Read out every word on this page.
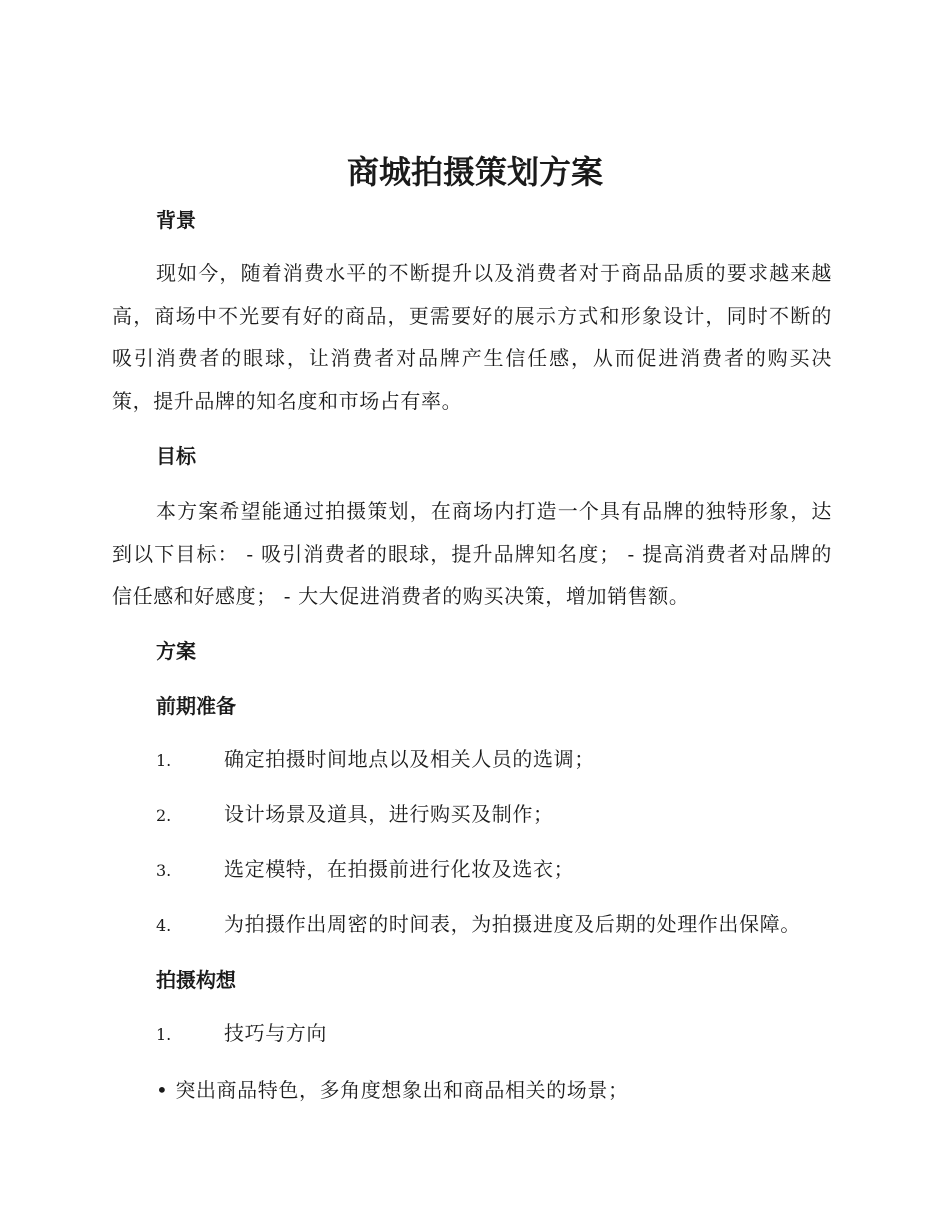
商城拍摄策划方案
背景

现如今，随着消费水平的不断提升以及消费者对于商品品质的要求越来越高，商场中不光要有好的商品，更需要好的展示方式和形象设计，同时不断的吸引消费者的眼球，让消费者对品牌产生信任感，从而促进消费者的购买决策，提升品牌的知名度和市场占有率。

目标

本方案希望能通过拍摄策划，在商场内打造一个具有品牌的独特形象，达到以下目标： - 吸引消费者的眼球，提升品牌知名度； - 提高消费者对品牌的信任感和好感度； - 大大促进消费者的购买决策，增加销售额。

方案
前期准备
1.	确定拍摄时间地点以及相关人员的选调；
2.	设计场景及道具，进行购买及制作；
3.	选定模特，在拍摄前进行化妆及选衣；
4.	为拍摄作出周密的时间表，为拍摄进度及后期的处理作出保障。
拍摄构想
1.	技巧与方向

• 突出商品特色，多角度想象出和商品相关的场景；
